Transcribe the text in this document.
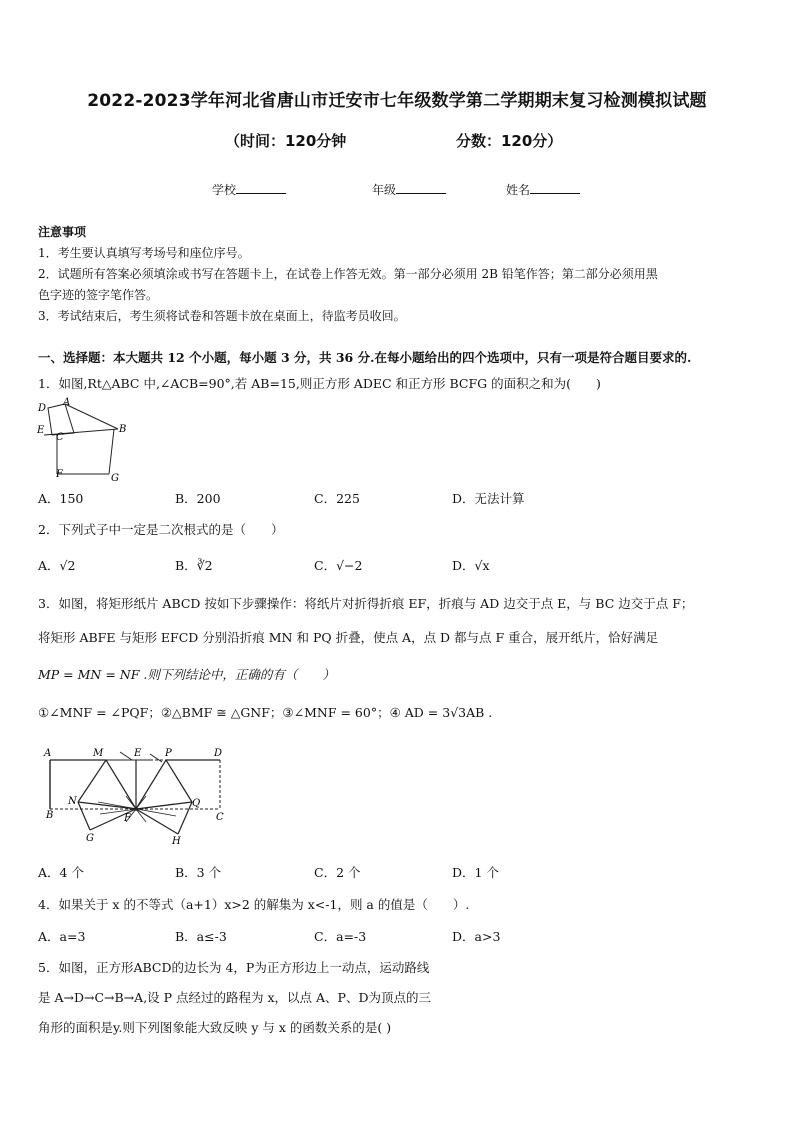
2022-2023学年河北省唐山市迁安市七年级数学第二学期期末复习检测模拟试题
（时间：120分钟	分数：120分）
学校	年级	姓名
注意事项
1．考生要认真填写考场号和座位序号。
2．试题所有答案必须填涂或书写在答题卡上，在试卷上作答无效。第一部分必须用 2B 铅笔作答；第二部分必须用黑
色字迹的签字笔作答。
3．考试结束后，考生须将试卷和答题卡放在桌面上，待监考员收回。
一、选择题：本大题共 12 个小题，每小题 3 分，共 36 分.在每小题给出的四个选项中，只有一项是符合题目要求的.
1．如图,Rt△ABC 中,∠ACB=90°,若 AB=15,则正方形 ADEC 和正方形 BCFG 的面积之和为(　　)
D
A
E
C
B
F	G
A．150	B．200	C．225	D．无法计算
2．下列式子中一定是二次根式的是（　　）
A．√2	B．∛2	C．√−2	D．√x
3．如图，将矩形纸片 ABCD 按如下步骤操作：将纸片对折得折痕 EF，折痕与 AD 边交于点 E，与 BC 边交于点 F；
将矩形 ABFE 与矩形 EFCD 分别沿折痕 MN 和 PQ 折叠，使点 A，点 D 都与点 F 重合，展开纸片，恰好满足
MP = MN = NF .则下列结论中，正确的有（　　）
①∠MNF = ∠PQF；②△BMF ≅ △GNF；③∠MNF = 60°；④ AD = 3√3AB .
A	M	E P	D
N	Q
B	F	C
G	H
A．4 个	B．3 个	C．2 个	D．1 个
4．如果关于 x 的不等式（a+1）x>2 的解集为 x<-1，则 a 的值是（　　）.
A．a=3	B．a≤-3	C．a=-3	D．a>3
5．如图，正方形ABCD的边长为 4，P为正方形边上一动点，运动路线
是 A→D→C→B→A,设 P 点经过的路程为 x，以点 A、P、D为顶点的三
角形的面积是y.则下列图象能大致反映 y 与 x 的函数关系的是( )
